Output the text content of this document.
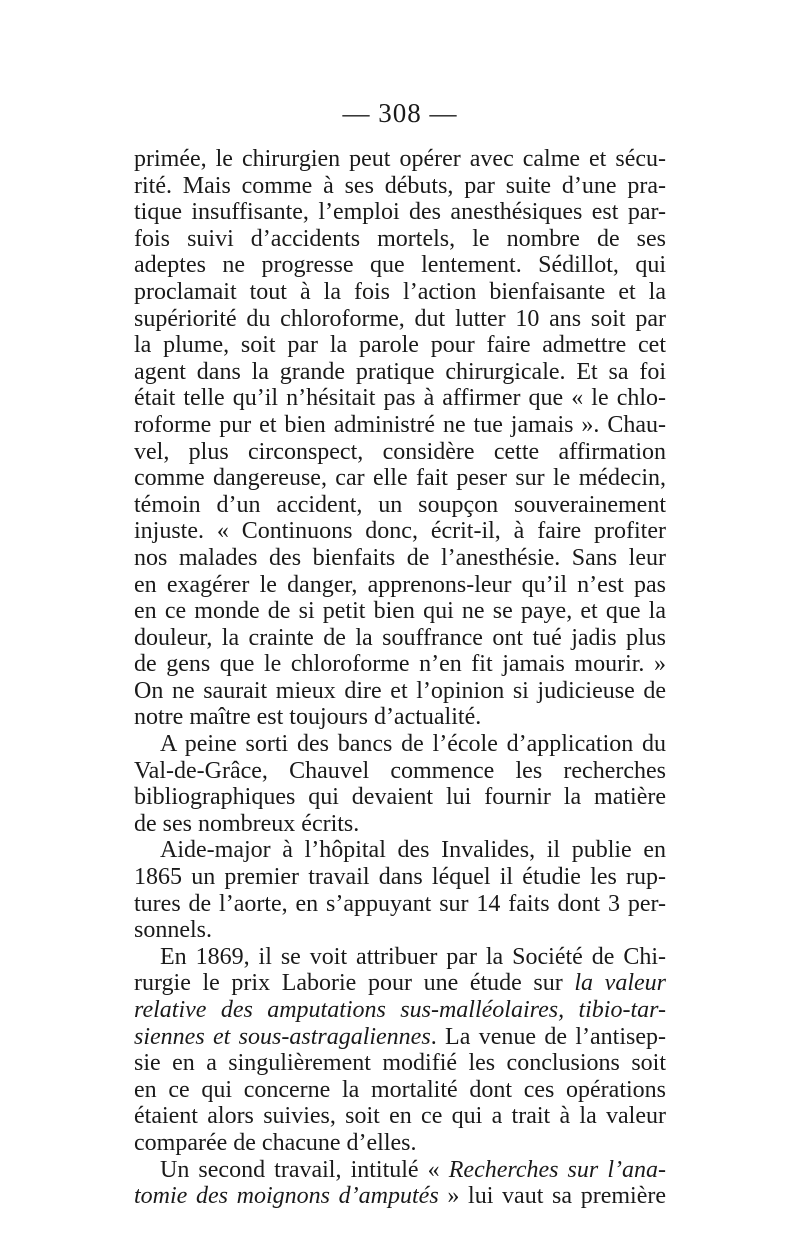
— 308 —
primée, le chirurgien peut opérer avec calme et sécu-
rité. Mais comme à ses débuts, par suite d’une pra-
tique insuffisante, l’emploi des anesthésiques est par-
fois suivi d’accidents mortels, le nombre de ses
adeptes ne progresse que lentement. Sédillot, qui
proclamait tout à la fois l’action bienfaisante et la
supériorité du chloroforme, dut lutter 10 ans soit par
la plume, soit par la parole pour faire admettre cet
agent dans la grande pratique chirurgicale. Et sa foi
était telle qu’il n’hésitait pas à affirmer que « le chlo-
roforme pur et bien administré ne tue jamais ». Chau-
vel, plus circonspect, considère cette affirmation
comme dangereuse, car elle fait peser sur le médecin,
témoin d’un accident, un soupçon souverainement
injuste. « Continuons donc, écrit-il, à faire profiter
nos malades des bienfaits de l’anesthésie. Sans leur
en exagérer le danger, apprenons-leur qu’il n’est pas
en ce monde de si petit bien qui ne se paye, et que la
douleur, la crainte de la souffrance ont tué jadis plus
de gens que le chloroforme n’en fit jamais mourir. »
On ne saurait mieux dire et l’opinion si judicieuse de
notre maître est toujours d’actualité.
A peine sorti des bancs de l’école d’application du
Val-de-Grâce, Chauvel commence les recherches
bibliographiques qui devaient lui fournir la matière
de ses nombreux écrits.
Aide-major à l’hôpital des Invalides, il publie en
1865 un premier travail dans léquel il étudie les rup-
tures de l’aorte, en s’appuyant sur 14 faits dont 3 per-
sonnels.
En 1869, il se voit attribuer par la Société de Chi-
rurgie le prix Laborie pour une étude sur la valeur
relative des amputations sus-malléolaires, tibio-tar-
siennes et sous-astragaliennes. La venue de l’antisep-
sie en a singulièrement modifié les conclusions soit
en ce qui concerne la mortalité dont ces opérations
étaient alors suivies, soit en ce qui a trait à la valeur
comparée de chacune d’elles.
Un second travail, intitulé « Recherches sur l’ana-
tomie des moignons d’amputés » lui vaut sa première
